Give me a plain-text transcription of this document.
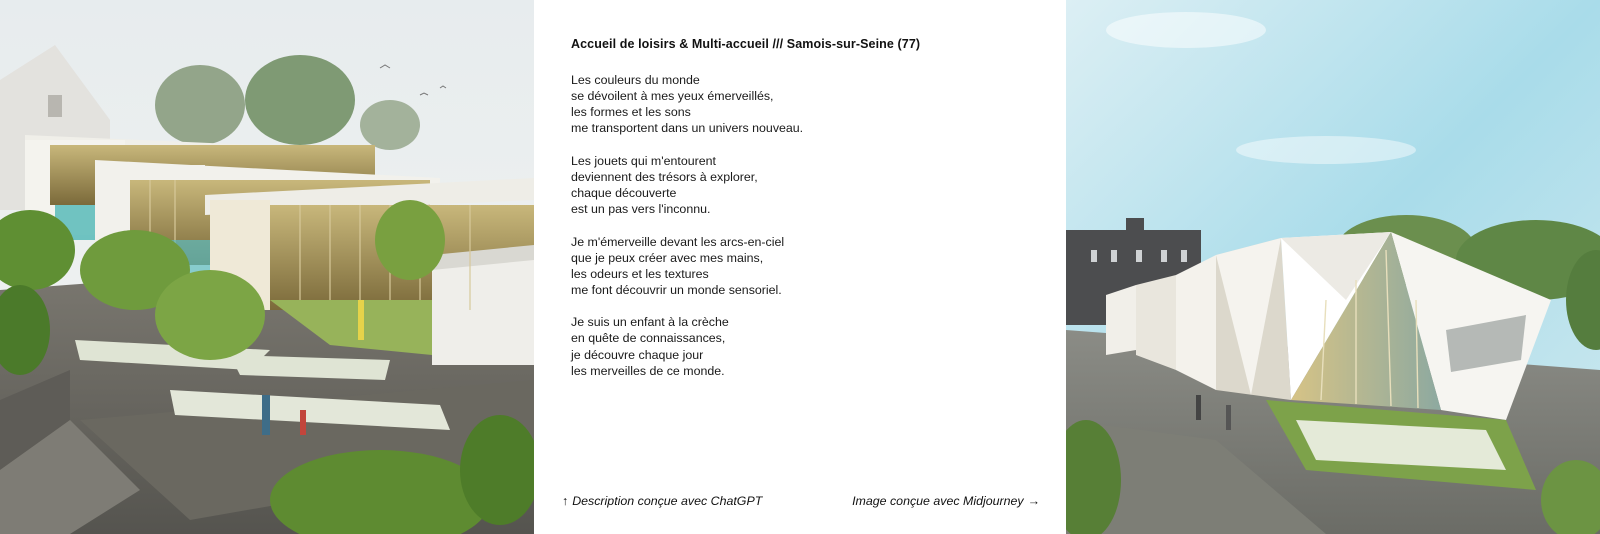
Accueil de loisirs & Multi-accueil /// Samois-sur-Seine (77)
Les couleurs du monde
se dévoilent à mes yeux émerveillés,
les formes et les sons
me transportent dans un univers nouveau.
Les jouets qui m'entourent
deviennent des trésors à explorer,
chaque découverte
est un pas vers l'inconnu.
Je m'émerveille devant les arcs-en-ciel
que je peux créer avec mes mains,
les odeurs et les textures
me font découvrir un monde sensoriel.
Je suis un enfant à la crèche
en quête de connaissances,
je découvre chaque jour
les merveilles de ce monde.
↑ Description conçue avec ChatGPT	Image conçue avec Midjourney →
